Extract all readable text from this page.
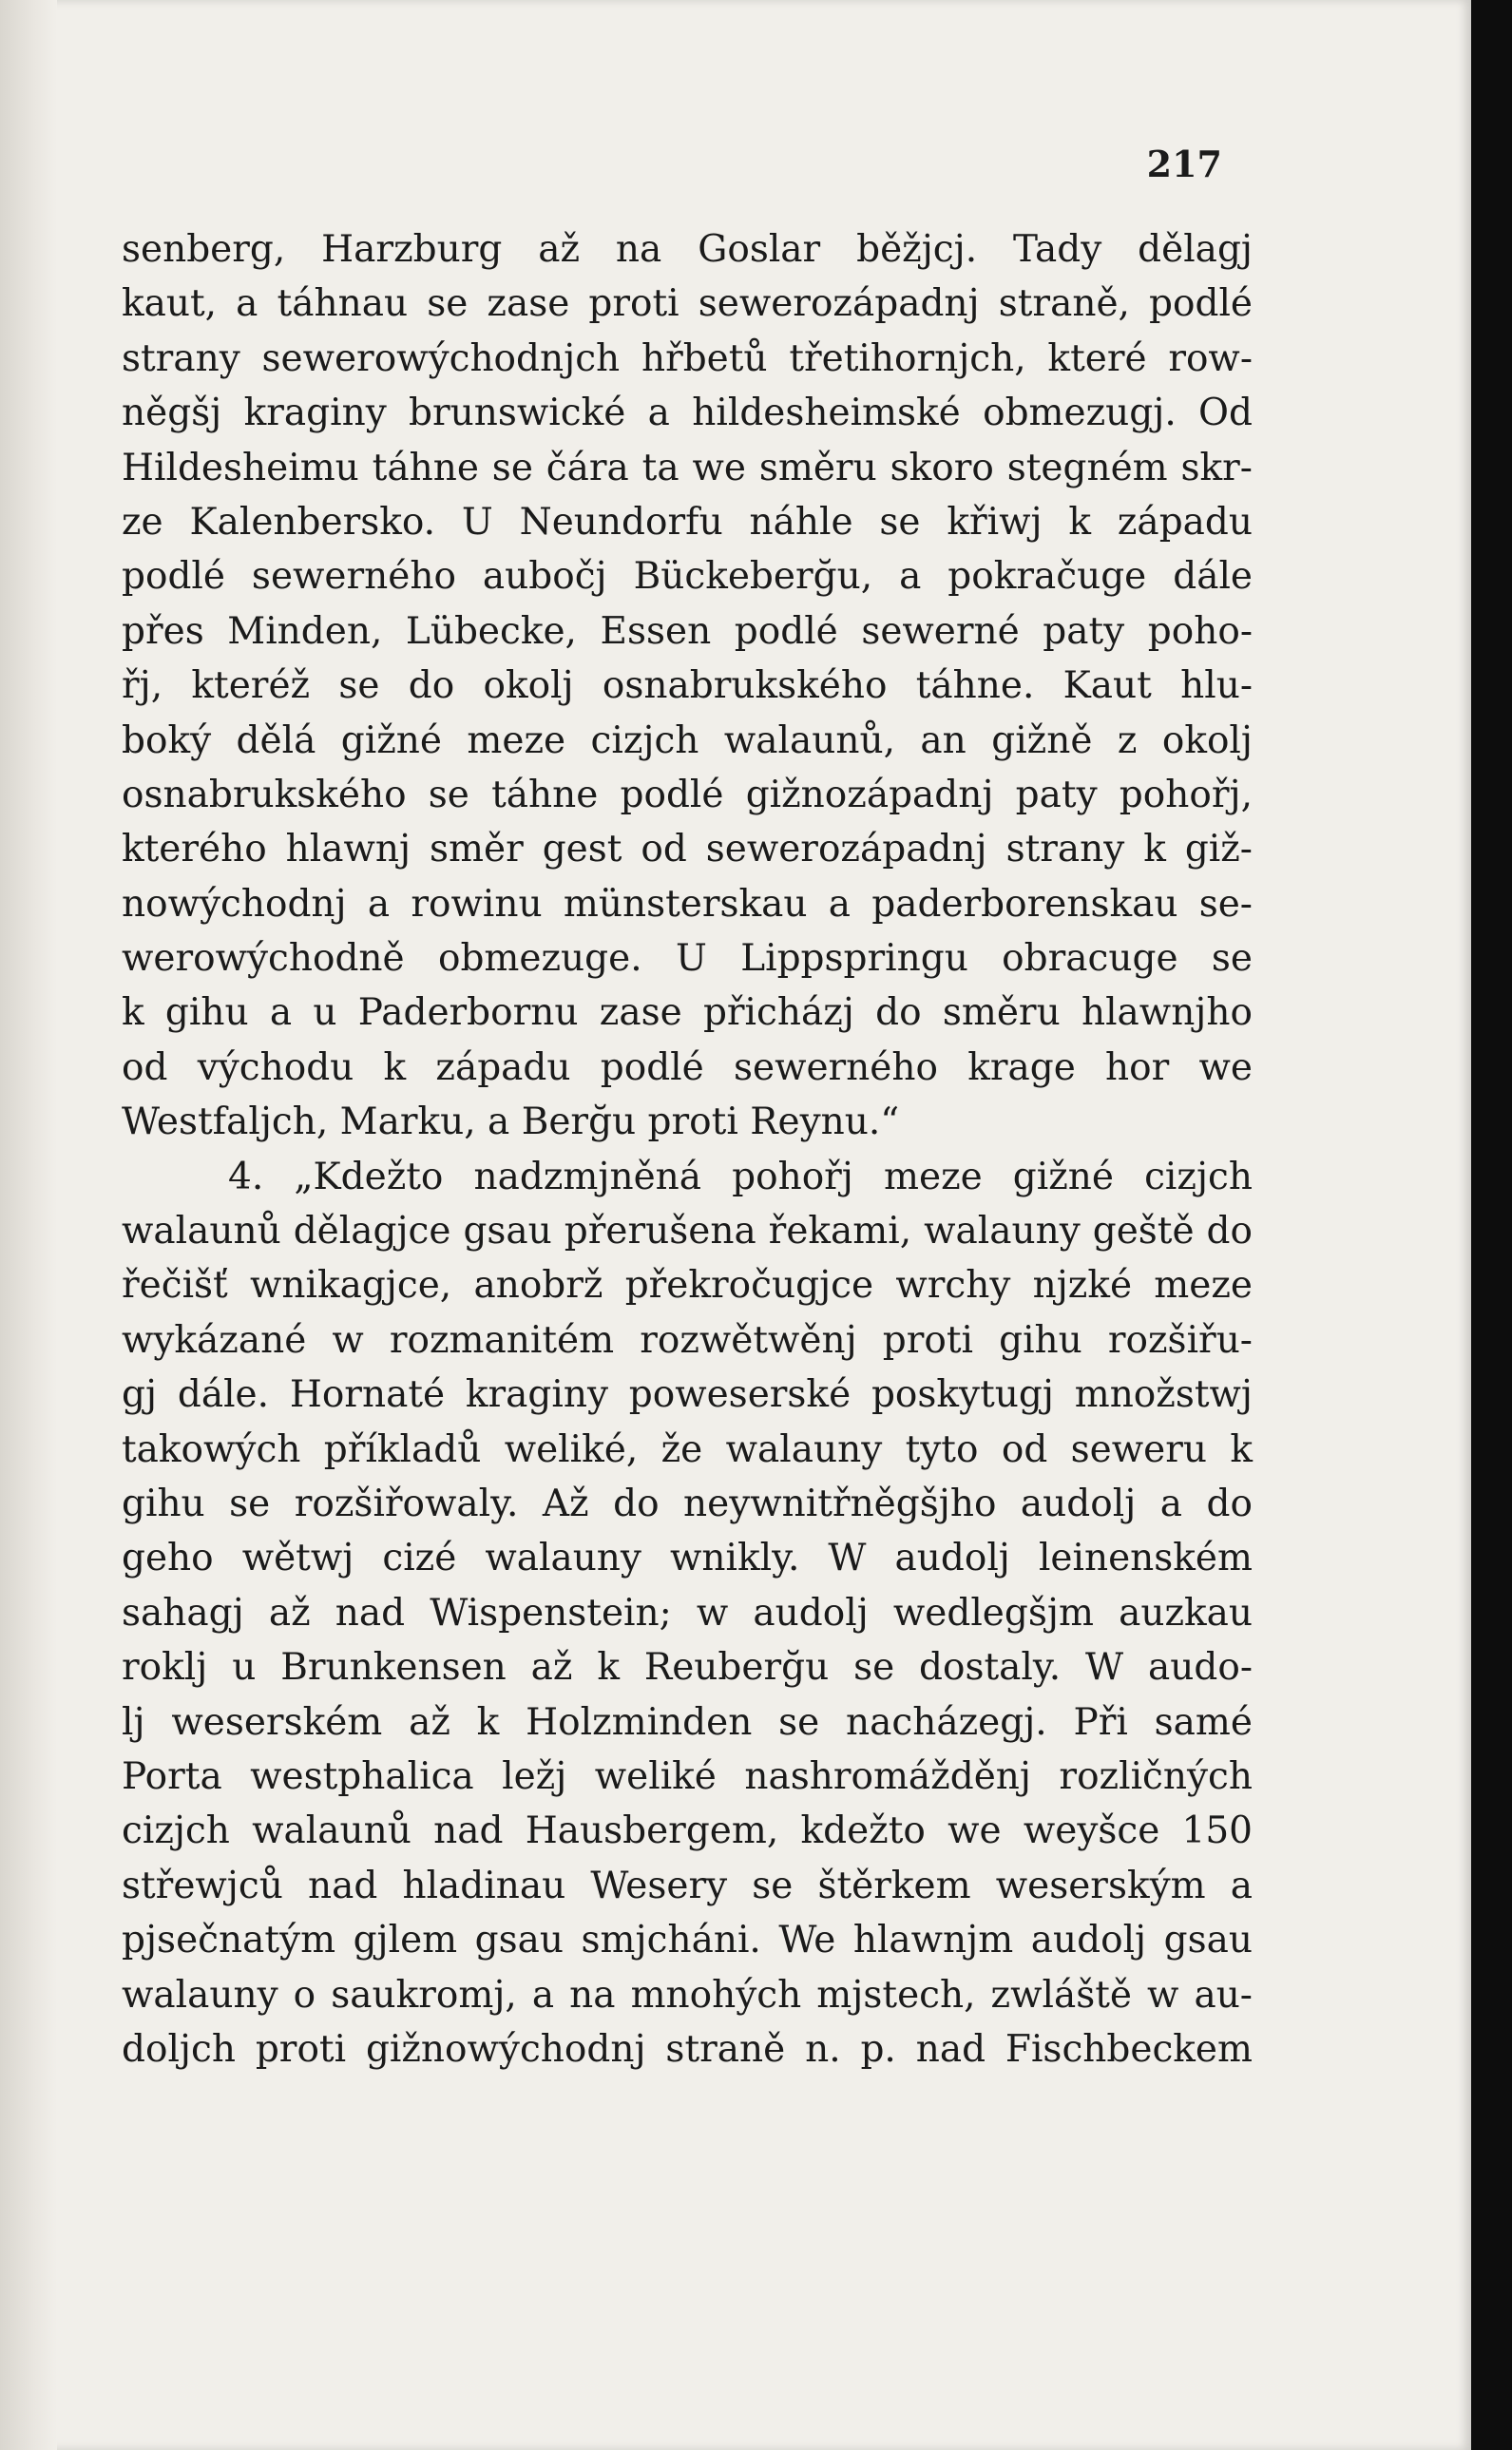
217
senberg, Harzburg až na Goslar běžjcj. Tady dělagj
kaut, a táhnau se zase proti sewerozápadnj straně, podlé
strany sewerowýchodnjch hřbetů třetihornjch, které row-
něgšj kraginy brunswické a hildesheimské obmezugj. Od
Hildesheimu táhne se čára ta we směru skoro stegném skr-
ze Kalenbersko. U Neundorfu náhle se křiwj k západu
podlé sewerného aubočj Bückeberğu, a pokračuge dále
přes Minden, Lübecke, Essen podlé sewerné paty poho-
řj, kteréž se do okolj osnabrukského táhne. Kaut hlu-
boký dělá gižné meze cizjch walaunů, an gižně z okolj
osnabrukského se táhne podlé gižnozápadnj paty pohořj,
kterého hlawnj směr gest od sewerozápadnj strany k giž-
nowýchodnj a rowinu münsterskau a paderborenskau se-
werowýchodně obmezuge. U Lippspringu obracuge se
k gihu a u Paderbornu zase přicházj do směru hlawnjho
od východu k západu podlé sewerného krage hor we
Westfaljch, Marku, a Berğu proti Reynu.“
4. „Kdežto nadzmjněná pohořj meze gižné cizjch
walaunů dělagjce gsau přerušena řekami, walauny geště do
řečišť wnikagjce, anobrž překročugjce wrchy njzké meze
wykázané w rozmanitém rozwětwěnj proti gihu rozšiřu-
gj dále. Hornaté kraginy poweserské poskytugj množstwj
takowých příkladů weliké, že walauny tyto od seweru k
gihu se rozšiřowaly. Až do neywnitřněgšjho audolj a do
geho wětwj cizé walauny wnikly. W audolj leinenském
sahagj až nad Wispenstein; w audolj wedlegšjm auzkau
roklj u Brunkensen až k Reuberğu se dostaly. W audo-
lj weserském až k Holzminden se nacházegj. Při samé
Porta westphalica ležj weliké nashromážděnj rozličných
cizjch walaunů nad Hausbergem, kdežto we weyšce 150
střewjců nad hladinau Wesery se štěrkem weserským a
pjsečnatým gjlem gsau smjcháni. We hlawnjm audolj gsau
walauny o saukromj, a na mnohých mjstech, zwláště w au-
doljch proti gižnowýchodnj straně n. p. nad Fischbeckem
